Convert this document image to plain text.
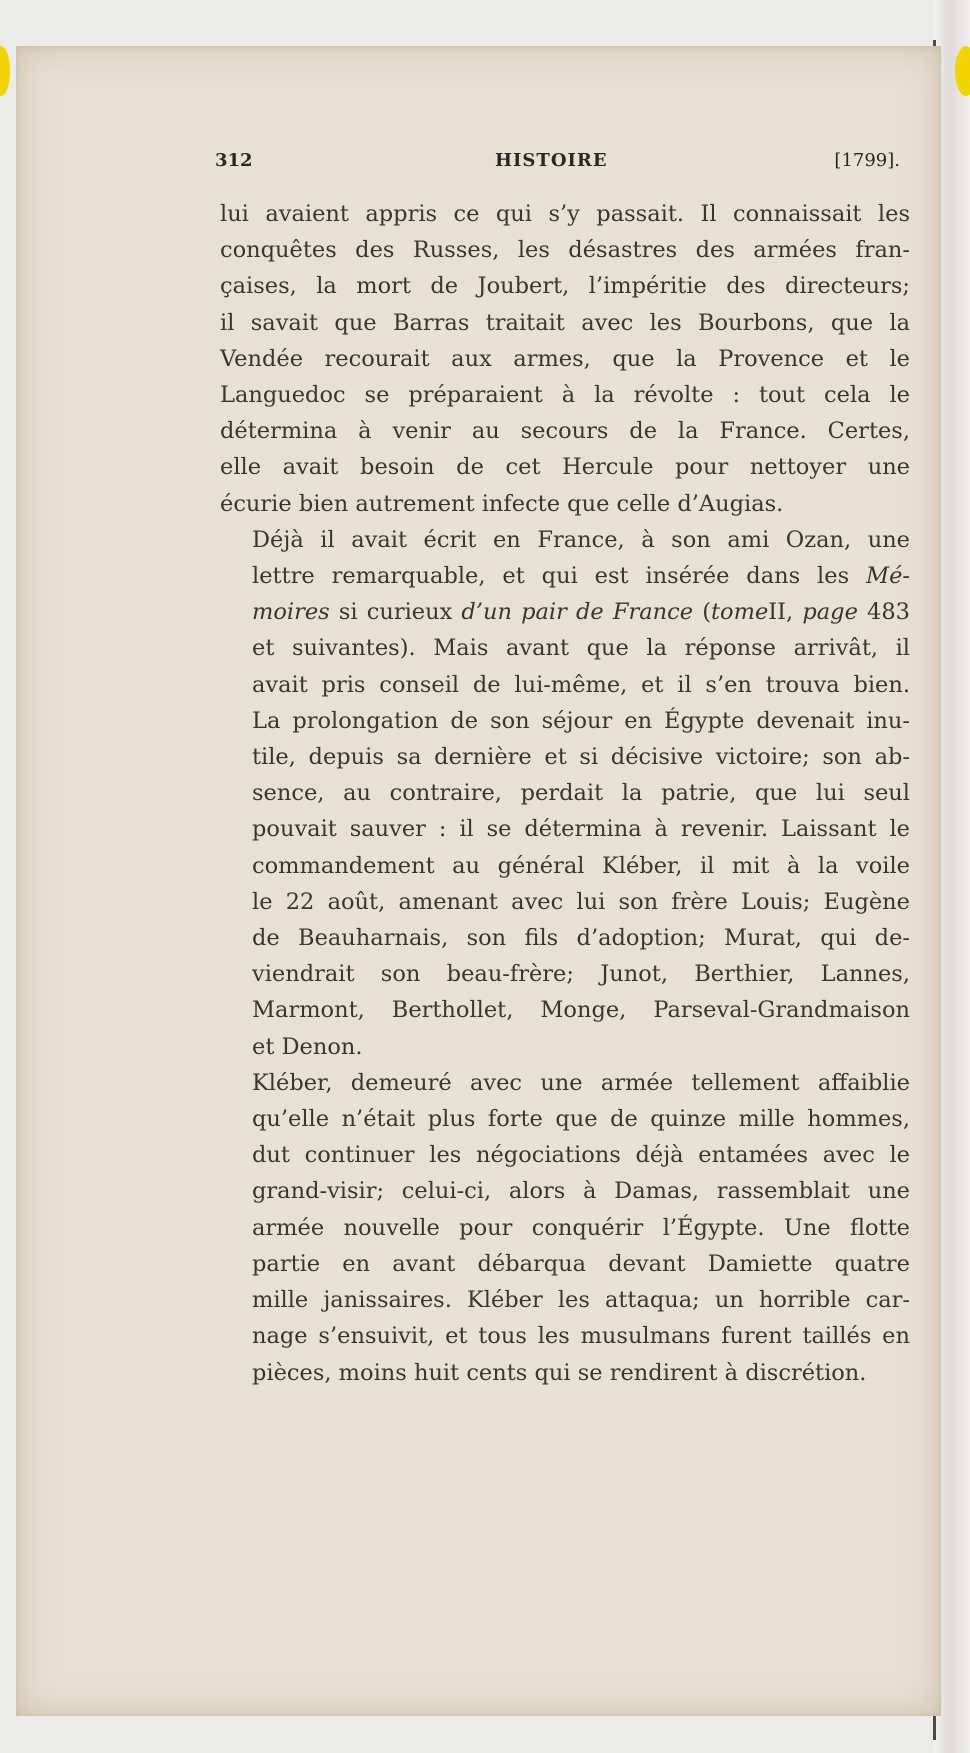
312	HISTOIRE	[1799].
lui avaient appris ce qui s’y passait. Il connaissait les
conquêtes des Russes, les désastres des armées fran-
çaises, la mort de Joubert, l’impéritie des directeurs;
il savait que Barras traitait avec les Bourbons, que la
Vendée recourait aux armes, que la Provence et le
Languedoc se préparaient à la révolte : tout cela le
détermina à venir au secours de la France. Certes,
elle avait besoin de cet Hercule pour nettoyer une
écurie bien autrement infecte que celle d’Augias.
Déjà il avait écrit en France, à son ami Ozan, une
lettre remarquable, et qui est insérée dans les Mé-
moires si curieux d’un pair de France (tomeII, page 483
et suivantes). Mais avant que la réponse arrivât, il
avait pris conseil de lui-même, et il s’en trouva bien.
La prolongation de son séjour en Égypte devenait inu-
tile, depuis sa dernière et si décisive victoire; son ab-
sence, au contraire, perdait la patrie, que lui seul
pouvait sauver : il se détermina à revenir. Laissant le
commandement au général Kléber, il mit à la voile
le 22 août, amenant avec lui son frère Louis; Eugène
de Beauharnais, son fils d’adoption; Murat, qui de-
viendrait son beau-frère; Junot, Berthier, Lannes,
Marmont, Berthollet, Monge, Parseval-Grandmaison
et Denon.
Kléber, demeuré avec une armée tellement affaiblie
qu’elle n’était plus forte que de quinze mille hommes,
dut continuer les négociations déjà entamées avec le
grand-visir; celui-ci, alors à Damas, rassemblait une
armée nouvelle pour conquérir l’Égypte. Une flotte
partie en avant débarqua devant Damiette quatre
mille janissaires. Kléber les attaqua; un horrible car-
nage s’ensuivit, et tous les musulmans furent taillés en
pièces, moins huit cents qui se rendirent à discrétion.
